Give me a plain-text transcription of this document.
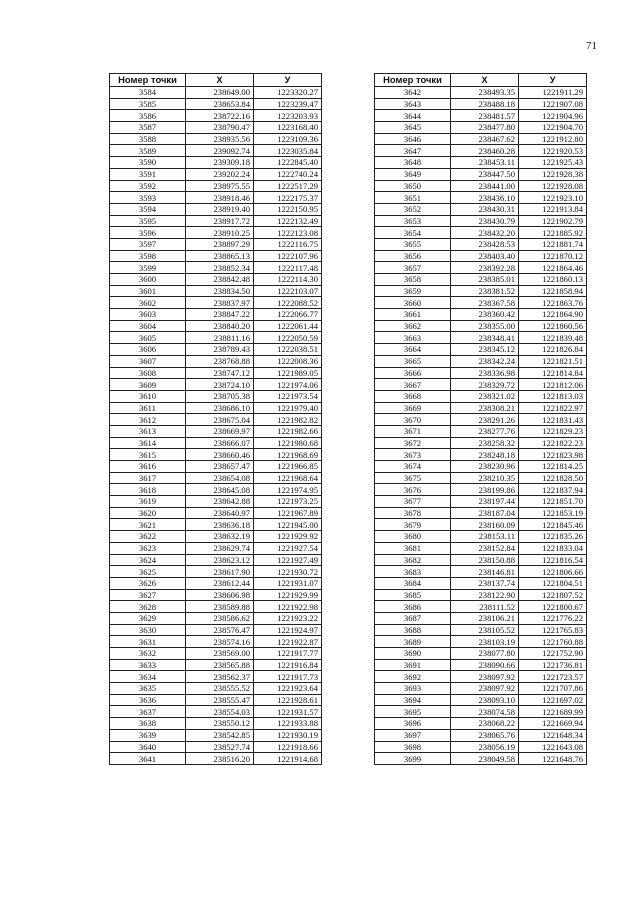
71
Номер точки	X	У
3584	238649.00	1223320.27
3585	238653.84	1223239.47
3586	238722.16	1223203.93
3587	238790.47	1223168.40
3588	238935.56	1223109.36
3589	239092.74	1223035.84
3590	239309.18	1222845.40
3591	239202.24	1222740.24
3592	238975.55	1222517.29
3593	238918.46	1222175.37
3594	238919.40	1222150.95
3595	238917.72	1222132.49
3596	238910.25	1222123.08
3597	238897.29	1222116.75
3598	238865.13	1222107.96
3599	238852.34	1222117.48
3600	238842.48	1222114.30
3601	238834.50	1222103.07
3602	238837.97	1222088.52
3603	238847.22	1222066.77
3604	238840.20	1222061.44
3605	238811.16	1222050.59
3606	238789.43	1222038.51
3607	238768.88	1222008.36
3608	238747.12	1221989.05
3609	238724.10	1221974.06
3610	238705.38	1221973.54
3611	238686.10	1221979.40
3612	238675.04	1221982.82
3613	238669.97	1221982.66
3614	238666.07	1221980.68
3615	238660.46	1221968.69
3616	238657.47	1221966.85
3617	238654.08	1221968.64
3618	238645.08	1221974.95
3619	238642.88	1221973.25
3620	238640.97	1221967.89
3621	238636.18	1221945.00
3622	238632.19	1221929.92
3623	238629.74	1221927.54
3624	238623.12	1221927.49
3625	238617.90	1221930.72
3626	238612.44	1221931.07
3627	238606.98	1221929.99
3628	238589.88	1221922.98
3629	238586.62	1221923.22
3630	238576.47	1221924.97
3631	238574.16	1221922.87
3632	238569.00	1221917.77
3633	238565.88	1221916.84
3634	238562.37	1221917.73
3635	238555.52	1221923.64
3636	238555.47	1221928.61
3637	238554.03	1221931.57
3638	238550.12	1221933.88
3639	238542.85	1221930.19
3640	238527.74	1221918.66
3641	238516.20	1221914.68
Номер точки	X	У
3642	238493.35	1221911.29
3643	238488.18	1221907.08
3644	238481.57	1221904.96
3645	238477.80	1221904.70
3646	238467.62	1221912.80
3647	238460.28	1221920.53
3648	238453.11	1221925.43
3649	238447.50	1221928.38
3650	238441.00	1221928.08
3651	238436.10	1221923.10
3652	238430.31	1221913.84
3653	238430.79	1221902.79
3654	238432.20	1221885.92
3655	238428.53	1221881.74
3656	238403.40	1221870.12
3657	238392.28	1221864.46
3658	238385.01	1221860.13
3659	238381.52	1221858.94
3660	238367.58	1221863.76
3661	238360.42	1221864.90
3662	238355.00	1221860.56
3663	238348.41	1221839.48
3664	238345.12	1221826.84
3665	238342.24	1221821.51
3666	238336.98	1221814.84
3667	238329.72	1221812.06
3668	238321.02	1221813.03
3669	238308.21	1221822.97
3670	238291.26	1221831.43
3671	238277.76	1221829.23
3672	238258.32	1221822.23
3673	238248.18	1221823.98
3674	238230.96	1221814.25
3675	238210.35	1221828.50
3676	238199.86	1221837.94
3677	238197.44	1221851.70
3678	238187.04	1221853.19
3679	238160.09	1221845.46
3680	238153.11	1221835.26
3681	238152.84	1221833.04
3682	238150.88	1221816.54
3683	238146.81	1221806.66
3684	238137.74	1221804.51
3685	238122.90	1221807.52
3686	238111.52	1221800.67
3687	238106.21	1221776.22
3688	238105.52	1221765.83
3689	238103.19	1221760.88
3690	238077.80	1221752.90
3691	238090.66	1221736.81
3692	238097.92	1221723.57
3693	238097.92	1221707.86
3694	238093.10	1221697.02
3695	238074.58	1221689.99
3696	238068.22	1221669.94
3697	238065.76	1221648.34
3698	238056.19	1221643.08
3699	238049.58	1221648.76
